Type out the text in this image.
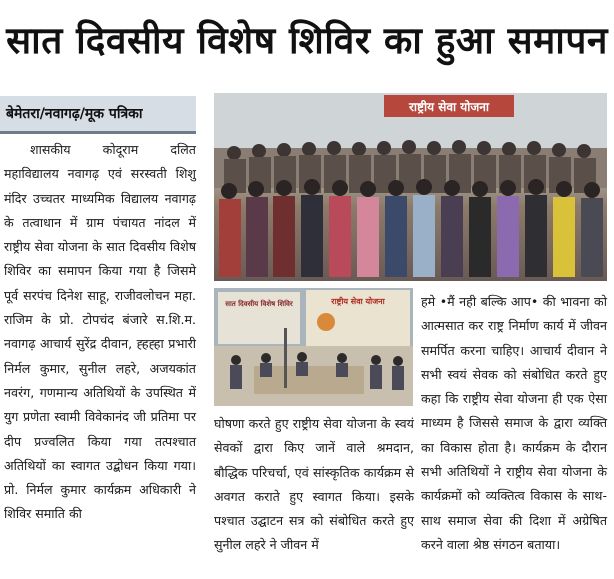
सात दिवसीय विशेष शिविर का हुआ समापन
बेमेतरा/नवागढ़/मूक पत्रिका

शासकीय कोदूराम दलित महाविद्यालय नवागढ़ एवं सरस्वती शिशु मंदिर उच्चतर माध्यमिक विद्यालय नवागढ़ के तत्वाधान में ग्राम पंचायत नांदल में राष्ट्रीय सेवा योजना के सात दिवसीय विशेष शिविर का समापन किया गया है जिसमे पूर्व सरपंच दिनेश साहू, राजीवलोचन महा. राजिम के प्रो. टोपचंद बंजारे स.शि.म. नवागढ़ आचार्य सुरेंद्र दीवान, ह्हह्हा प्रभारी निर्मल कुमार, सुनील लहरे, अजयकांत नवरंग, गणमान्य अतिथियों के उपस्थित में युग प्रणेता स्वामी विवेकानंद जी प्रतिमा पर दीप प्रज्वलित किया गया तत्पश्चात अतिथियों का स्वागत उद्बोधन किया गया। प्रो. निर्मल कुमार कार्यक्रम अधिकारी ने शिविर समाति की

राष्ट्रीय सेवा योजना
सात दिवसीय विशेष शिविर	राष्ट्रीय सेवा योजना

घोषणा करते हुए राष्ट्रीय सेवा योजना के स्वयं सेवकों द्वारा किए जानें वाले श्रमदान, बौद्धिक परिचर्चा, एवं सांस्कृतिक कार्यक्रम से अवगत कराते हुए स्वागत किया। इसके पश्चात उद्घाटन सत्र को संबोधित करते हुए सुनील लहरे ने जीवन में

हमे •मैं नही बल्कि आप• की भावना को आत्मसात कर राष्ट्र निर्माण कार्य में जीवन समर्पित करना चाहिए। आचार्य दीवान ने सभी स्वयं सेवक को संबोधित करते हुए कहा कि राष्ट्रीय सेवा योजना ही एक ऐसा माध्यम है जिससे समाज के द्वारा व्यक्ति का विकास होता है। कार्यक्रम के दौरान सभी अतिथियों ने राष्ट्रीय सेवा योजना के कार्यक्रमों को व्यक्तित्व विकास के साथ-साथ समाज सेवा की दिशा में अग्रेषित करने वाला श्रेष्ठ संगठन बताया।
